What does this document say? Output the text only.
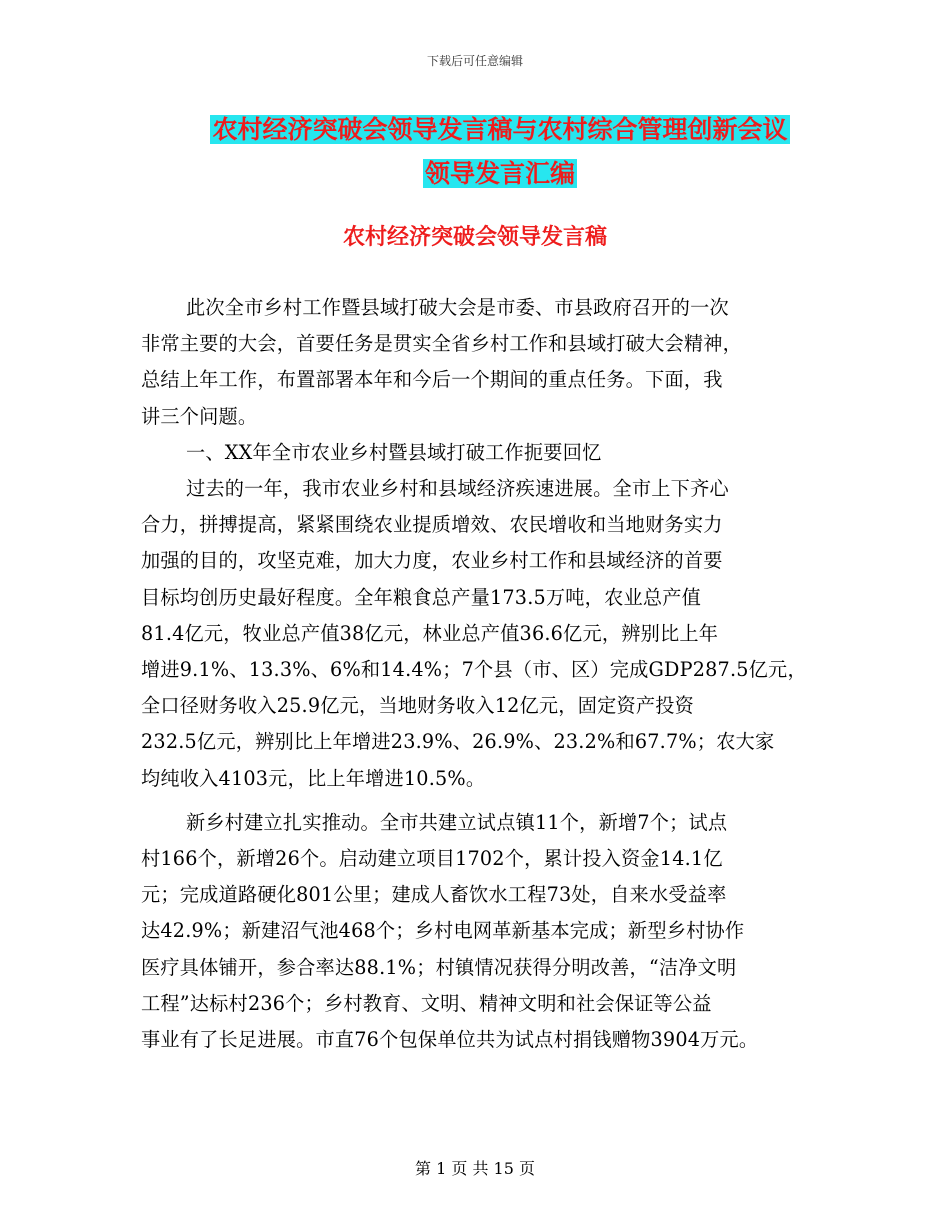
下载后可任意编辑
农村经济突破会领导发言稿与农村综合管理创新会议
领导发言汇编
农村经济突破会领导发言稿

此次全市乡村工作暨县域打破大会是市委、市县政府召开的一次
非常主要的大会，首要任务是贯实全省乡村工作和县域打破大会精神，
总结上年工作，布置部署本年和今后一个期间的重点任务。下面，我
讲三个问题。

一、XX年全市农业乡村暨县域打破工作扼要回忆

过去的一年，我市农业乡村和县域经济疾速进展。全市上下齐心
合力，拼搏提高，紧紧围绕农业提质增效、农民增收和当地财务实力
加强的目的，攻坚克难，加大力度，农业乡村工作和县域经济的首要
目标均创历史最好程度。全年粮食总产量173.5万吨，农业总产值
81.4亿元，牧业总产值38亿元，林业总产值36.6亿元，辨别比上年
增进9.1%、13.3%、6%和14.4%；7个县（市、区）完成GDP287.5亿元，
全口径财务收入25.9亿元，当地财务收入12亿元，固定资产投资
232.5亿元，辨别比上年增进23.9%、26.9%、23.2%和67.7%；农大家
均纯收入4103元，比上年增进10.5%。

新乡村建立扎实推动。全市共建立试点镇11个，新增7个；试点
村166个，新增26个。启动建立项目1702个，累计投入资金14.1亿
元；完成道路硬化801公里；建成人畜饮水工程73处，自来水受益率
达42.9%；新建沼气池468个；乡村电网革新基本完成；新型乡村协作
医疗具体铺开，参合率达88.1%；村镇情况获得分明改善，“洁净文明
工程”达标村236个；乡村教育、文明、精神文明和社会保证等公益
事业有了长足进展。市直76个包保单位共为试点村捐钱赠物3904万元。

第 1 页 共 15 页
